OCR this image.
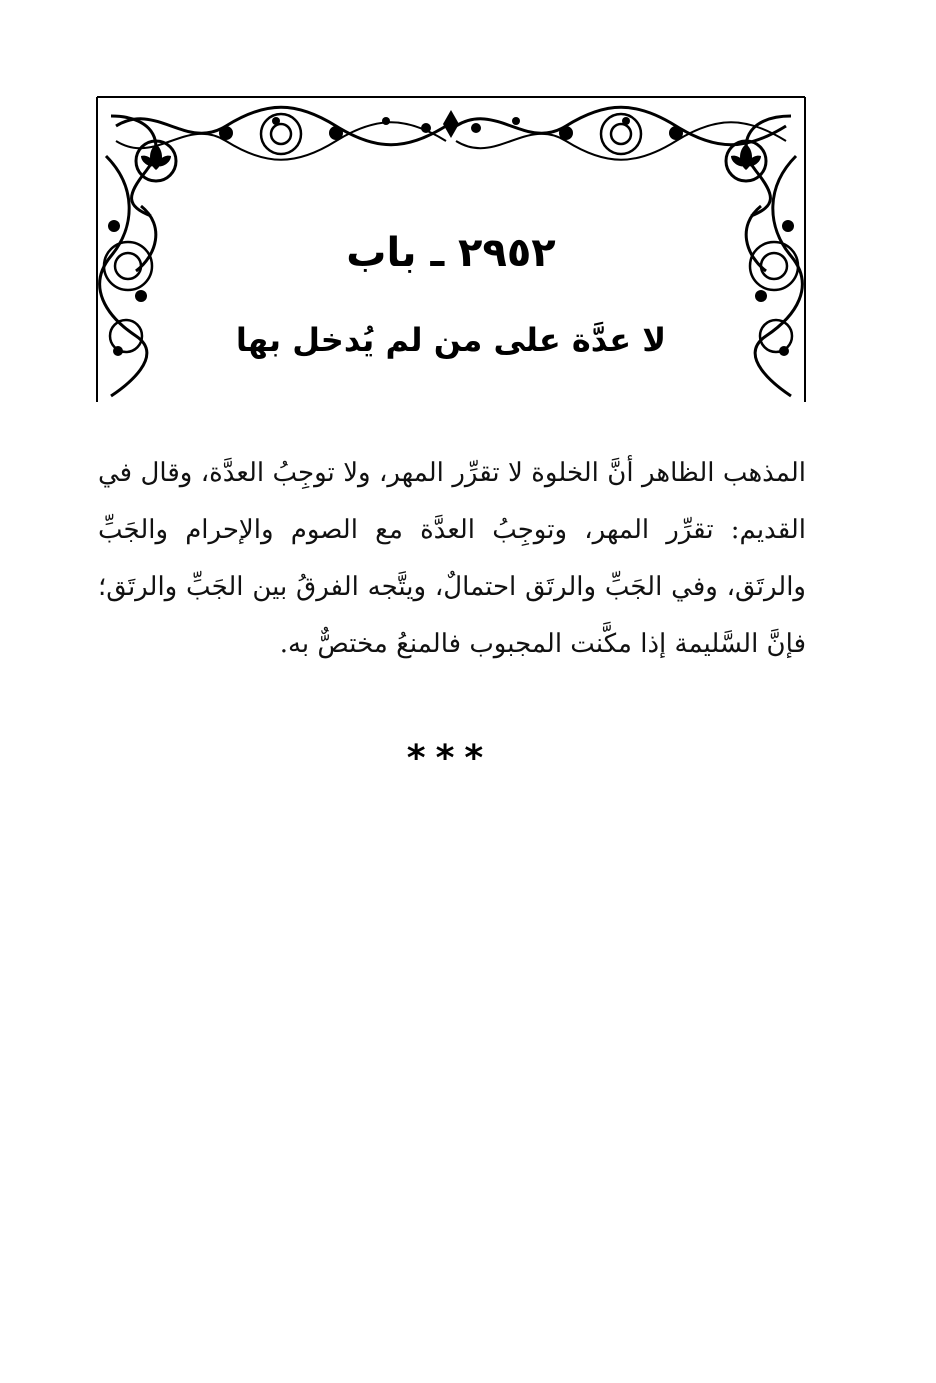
٢٩٥٢ ـ باب
لا عدَّة على من لم يُدخل بها

المذهب الظاهر أنَّ الخلوة لا تقرِّر المهر، ولا توجِبُ العدَّة، وقال في القديم: تقرِّر المهر، وتوجِبُ العدَّة مع الصوم والإحرام والجَبِّ والرتَق، وفي الجَبِّ والرتَق احتمالٌ، ويتَّجه الفرقُ بين الجَبِّ والرتَق؛ فإنَّ السَّليمة إذا مكَّنت المجبوب فالمنعُ مختصٌّ به.

***
